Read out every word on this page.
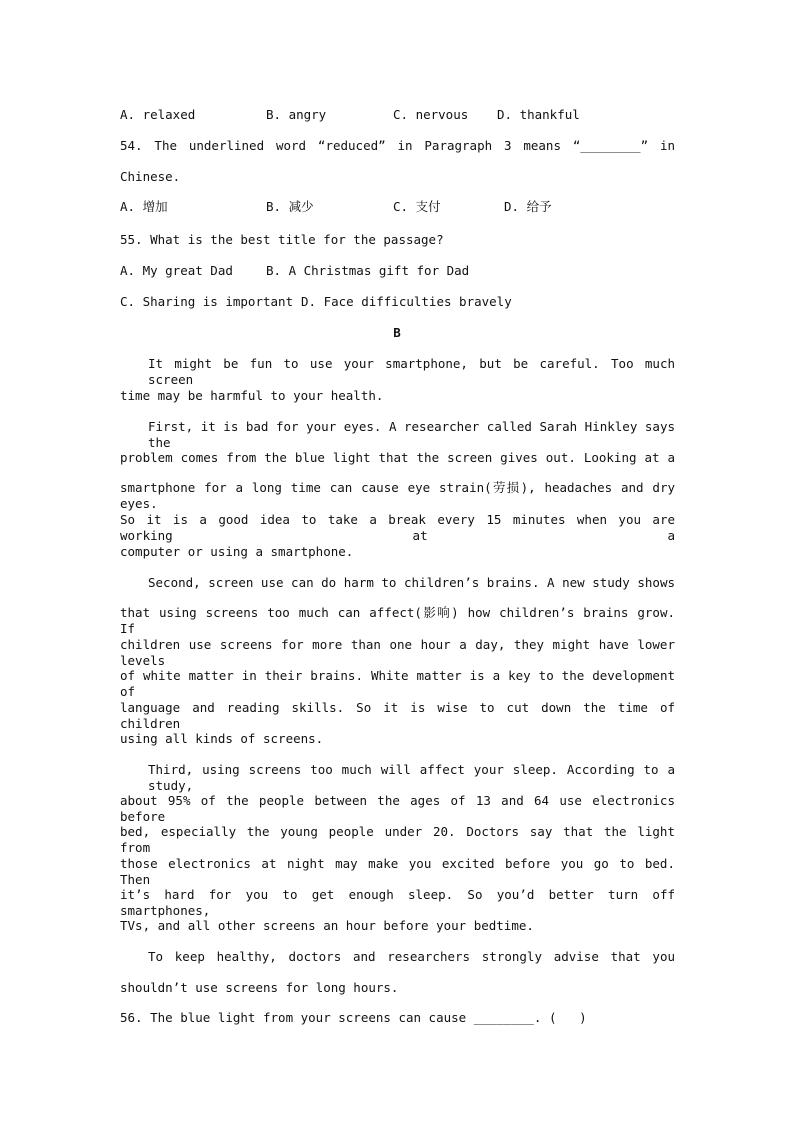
A. relaxed	B. angry	C. nervous D. thankful
54. The underlined word “reduced” in Paragraph 3 means “________” in
Chinese.
A. 增加	B. 减少	C. 支付	D. 给予
55. What is the best title for the passage?
A. My great Dad	B. A Christmas gift for Dad
C. Sharing is important D. Face difficulties bravely
B
It might be fun to use your smartphone, but be careful. Too much screen
time may be harmful to your health.
First, it is bad for your eyes. A researcher called Sarah Hinkley says the
problem comes from the blue light that the screen gives out. Looking at a
smartphone for a long time can cause eye strain(劳损), headaches and dry eyes.
So it is a good idea to take a break every 15 minutes when you are working at a
computer or using a smartphone.
Second, screen use can do harm to children’s brains. A new study shows
that using screens too much can affect(影响) how children’s brains grow. If
children use screens for more than one hour a day, they might have lower levels
of white matter in their brains. White matter is a key to the development of
language and reading skills. So it is wise to cut down the time of children
using all kinds of screens.
Third, using screens too much will affect your sleep. According to a study,
about 95% of the people between the ages of 13 and 64 use electronics before
bed, especially the young people under 20. Doctors say that the light from
those electronics at night may make you excited before you go to bed. Then
it’s hard for you to get enough sleep. So you’d better turn off smartphones,
TVs, and all other screens an hour before your bedtime.
To keep healthy, doctors and researchers strongly advise that you
shouldn’t use screens for long hours.
56. The blue light from your screens can cause ________. (   )
